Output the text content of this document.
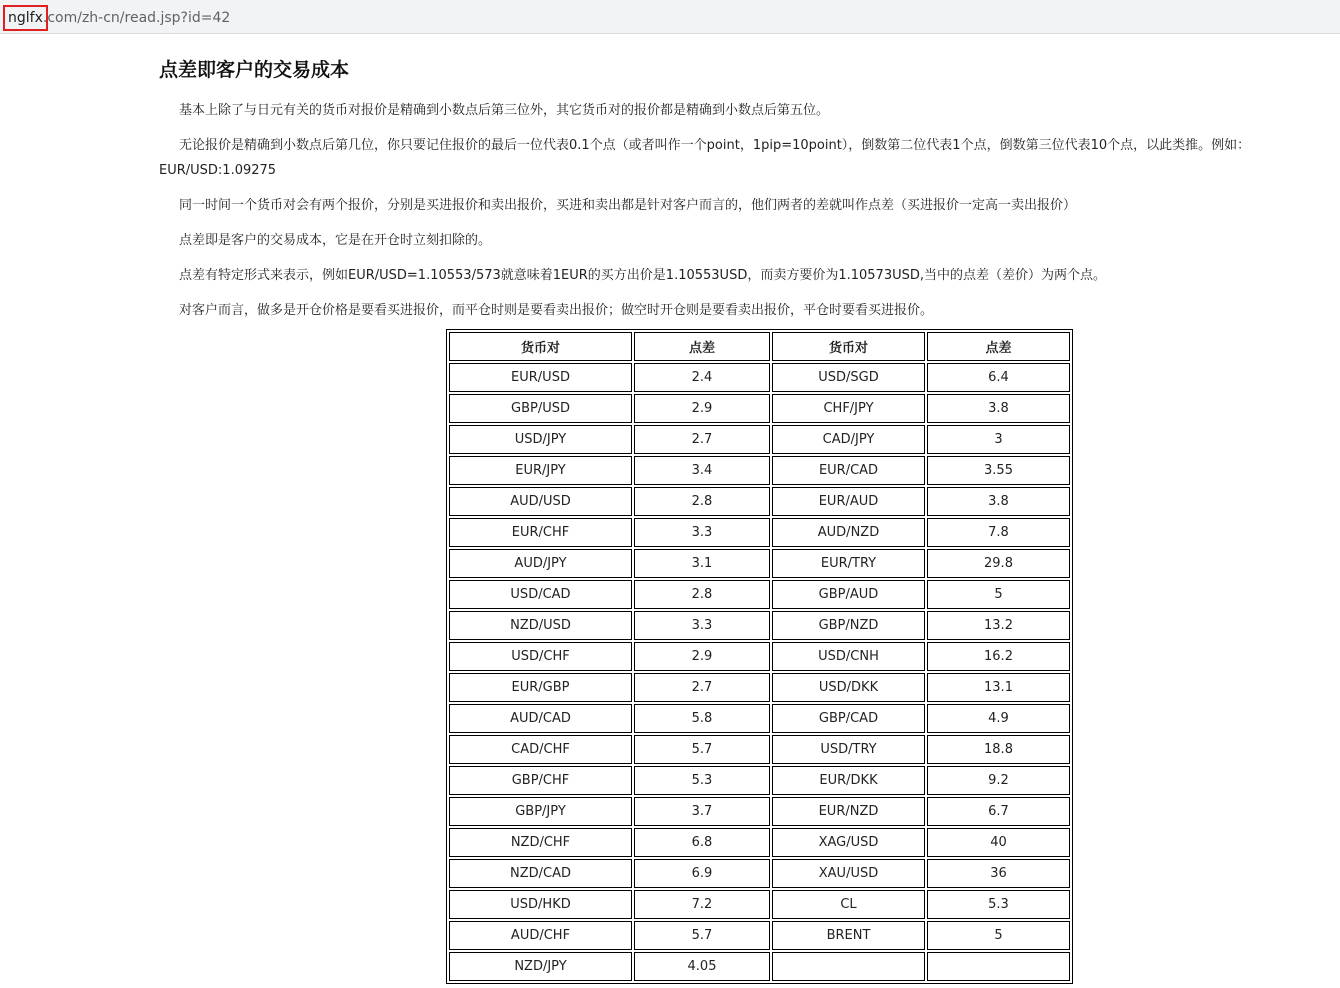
nglfx.com/zh-cn/read.jsp?id=42
点差即客户的交易成本

基本上除了与日元有关的货币对报价是精确到小数点后第三位外，其它货币对的报价都是精确到小数点后第五位。

无论报价是精确到小数点后第几位，你只要记住报价的最后一位代表0.1个点（或者叫作一个point，1pip=10point），倒数第二位代表1个点，倒数第三位代表10个点，以此类推。例如：EUR/USD:1.09275

同一时间一个货币对会有两个报价，分别是买进报价和卖出报价，买进和卖出都是针对客户而言的，他们两者的差就叫作点差（买进报价一定高一卖出报价）

点差即是客户的交易成本，它是在开仓时立刻扣除的。

点差有特定形式来表示，例如EUR/USD=1.10553/573就意味着1EUR的买方出价是1.10553USD，而卖方要价为1.10573USD,当中的点差（差价）为两个点。

对客户而言，做多是开仓价格是要看买进报价，而平仓时则是要看卖出报价；做空时开仓则是要看卖出报价，平仓时要看买进报价。

货币对	点差	货币对	点差
EUR/USD	2.4	USD/SGD	6.4
GBP/USD	2.9	CHF/JPY	3.8
USD/JPY	2.7	CAD/JPY	3
EUR/JPY	3.4	EUR/CAD	3.55
AUD/USD	2.8	EUR/AUD	3.8
EUR/CHF	3.3	AUD/NZD	7.8
AUD/JPY	3.1	EUR/TRY	29.8
USD/CAD	2.8	GBP/AUD	5
NZD/USD	3.3	GBP/NZD	13.2
USD/CHF	2.9	USD/CNH	16.2
EUR/GBP	2.7	USD/DKK	13.1
AUD/CAD	5.8	GBP/CAD	4.9
CAD/CHF	5.7	USD/TRY	18.8
GBP/CHF	5.3	EUR/DKK	9.2
GBP/JPY	3.7	EUR/NZD	6.7
NZD/CHF	6.8	XAG/USD	40
NZD/CAD	6.9	XAU/USD	36
USD/HKD	7.2	CL	5.3
AUD/CHF	5.7	BRENT	5
NZD/JPY	4.05		
